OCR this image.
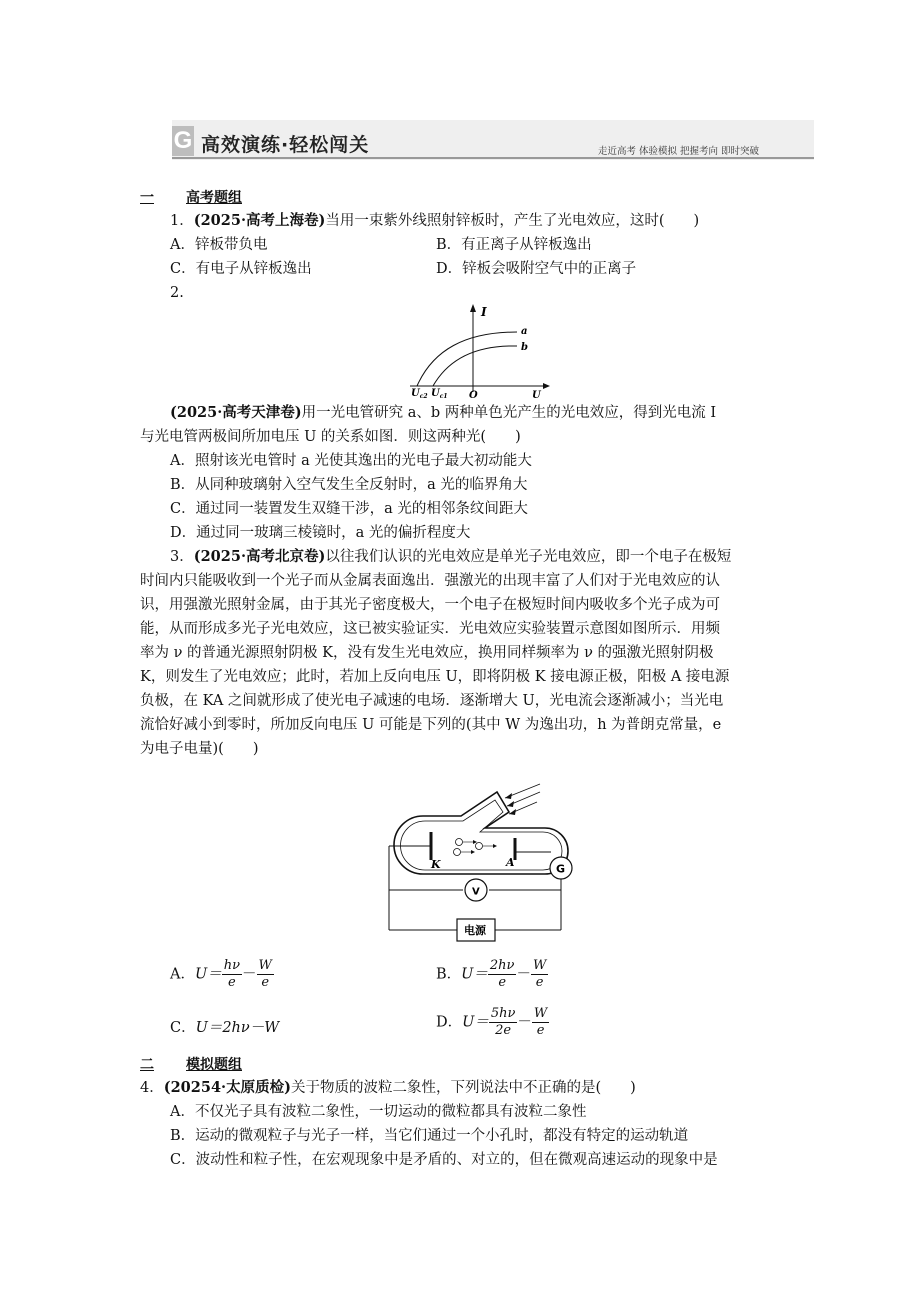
G 高效演练·轻松闯关	走近高考 体验模拟 把握考向 即时突破
一 高考题组
1．(2025·高考上海卷)当用一束紫外线照射锌板时，产生了光电效应，这时(　　)
A．锌板带负电	B．有正离子从锌板逸出
C．有电子从锌板逸出	D．锌板会吸附空气中的正离子
2.
I
a
b
O	U
$U_{c2}$ $U_{c1}$
(2025·高考天津卷)用一光电管研究 a、b 两种单色光产生的光电效应，得到光电流 I
与光电管两极间所加电压 U 的关系如图．则这两种光(　　)
A．照射该光电管时 a 光使其逸出的光电子最大初动能大
B．从同种玻璃射入空气发生全反射时，a 光的临界角大
C．通过同一装置发生双缝干涉，a 光的相邻条纹间距大
D．通过同一玻璃三棱镜时，a 光的偏折程度大
3．(2025·高考北京卷)以往我们认识的光电效应是单光子光电效应，即一个电子在极短
时间内只能吸收到一个光子而从金属表面逸出．强激光的出现丰富了人们对于光电效应的认
识，用强激光照射金属，由于其光子密度极大，一个电子在极短时间内吸收多个光子成为可
能，从而形成多光子光电效应，这已被实验证实．光电效应实验装置示意图如图所示．用频
率为 ν 的普通光源照射阴极 K，没有发生光电效应，换用同样频率为 ν 的强激光照射阴极
K，则发生了光电效应；此时，若加上反向电压 U，即将阴极 K 接电源正极，阳极 A 接电源
负极，在 KA 之间就形成了使光电子减速的电场．逐渐增大 U，光电流会逐渐减小；当光电
流恰好减小到零时，所加反向电压 U 可能是下列的(其中 W 为逸出功，h 为普朗克常量，e
为电子电量)(　　)
K	A	G
V
电源
A．$U= \frac{h\nu}{e} - \frac{W}{e}$	B．$U= \frac{2h\nu}{e} - \frac{W}{e}$
C．U＝2hν－W	D．$U= \frac{5h\nu}{2e} - \frac{W}{e}$
二 模拟题组
4．(20254·太原质检)关于物质的波粒二象性，下列说法中不正确的是(　　)
A．不仅光子具有波粒二象性，一切运动的微粒都具有波粒二象性
B．运动的微观粒子与光子一样，当它们通过一个小孔时，都没有特定的运动轨道
C．波动性和粒子性，在宏观现象中是矛盾的、对立的，但在微观高速运动的现象中是
